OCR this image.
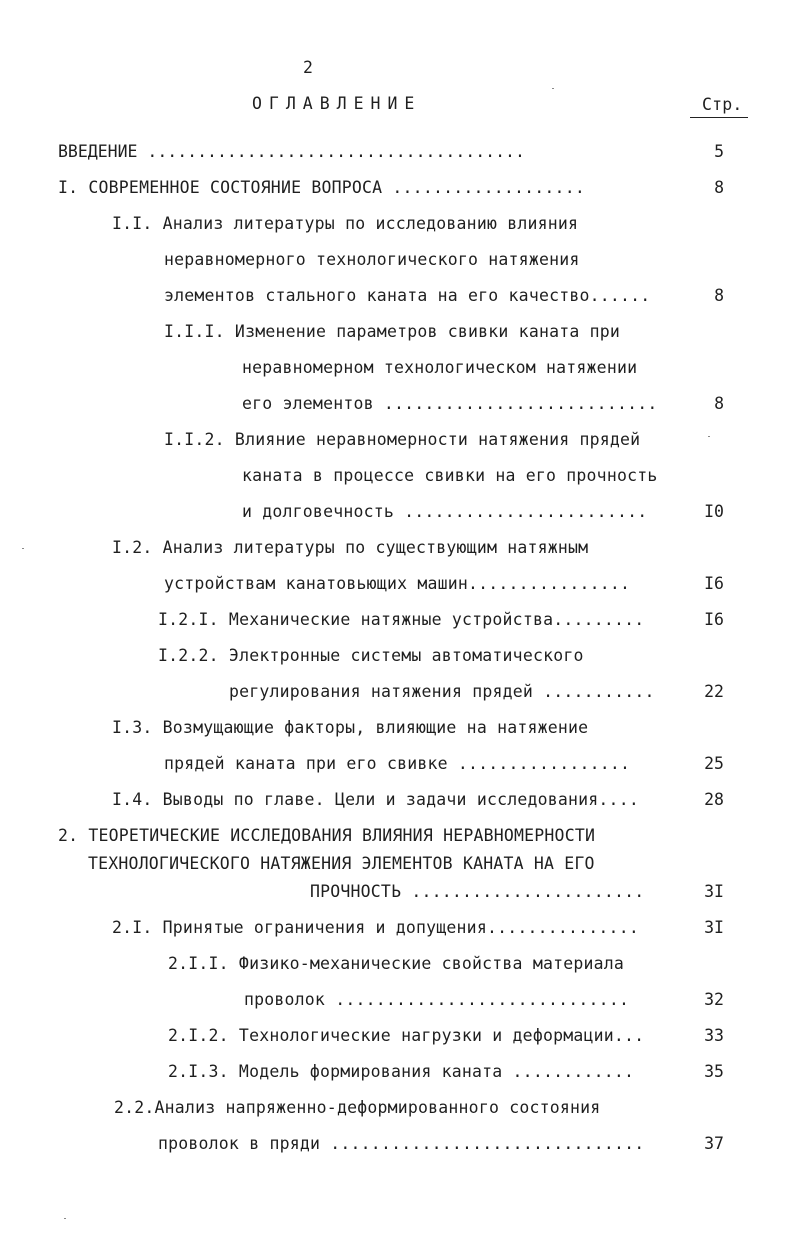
2
ОГЛАВЛЕНИЕ	Стр.
ВВЕДЕНИЕ ......................................	5
I. СОВРЕМЕННОЕ СОСТОЯНИЕ ВОПРОСА ...................	8
I.I. Анализ литературы по исследованию влияния
неравномерного технологического натяжения
элементов стального каната на его качество......	8
I.I.I. Изменение параметров свивки каната при
неравномерном технологическом натяжении
его элементов ...........................	8
I.I.2. Влияние неравномерности натяжения прядей
каната в процессе свивки на его прочность
и долговечность ........................	I0
I.2. Анализ литературы по существующим натяжным
устройствам канатовьющих машин................	I6
I.2.I. Механические натяжные устройства.........	I6
I.2.2. Электронные системы автоматического
регулирования натяжения прядей ...........	22
I.3. Возмущающие факторы, влияющие на натяжение
прядей каната при его свивке .................	25
I.4. Выводы по главе. Цели и задачи исследования....	28
2. ТЕОРЕТИЧЕСКИЕ ИССЛЕДОВАНИЯ ВЛИЯНИЯ НЕРАВНОМЕРНОСТИ
ТЕХНОЛОГИЧЕСКОГО НАТЯЖЕНИЯ ЭЛЕМЕНТОВ КАНАТА НА ЕГО
ПРОЧНОСТЬ .......................	3I
2.I. Принятые ограничения и допущения...............	3I
2.I.I. Физико-механические свойства материала
проволок .............................	32
2.I.2. Технологические нагрузки и деформации...	33
2.I.3. Модель формирования каната ............	35
2.2.Анализ напряженно-деформированного состояния
проволок в пряди ...............................	37
